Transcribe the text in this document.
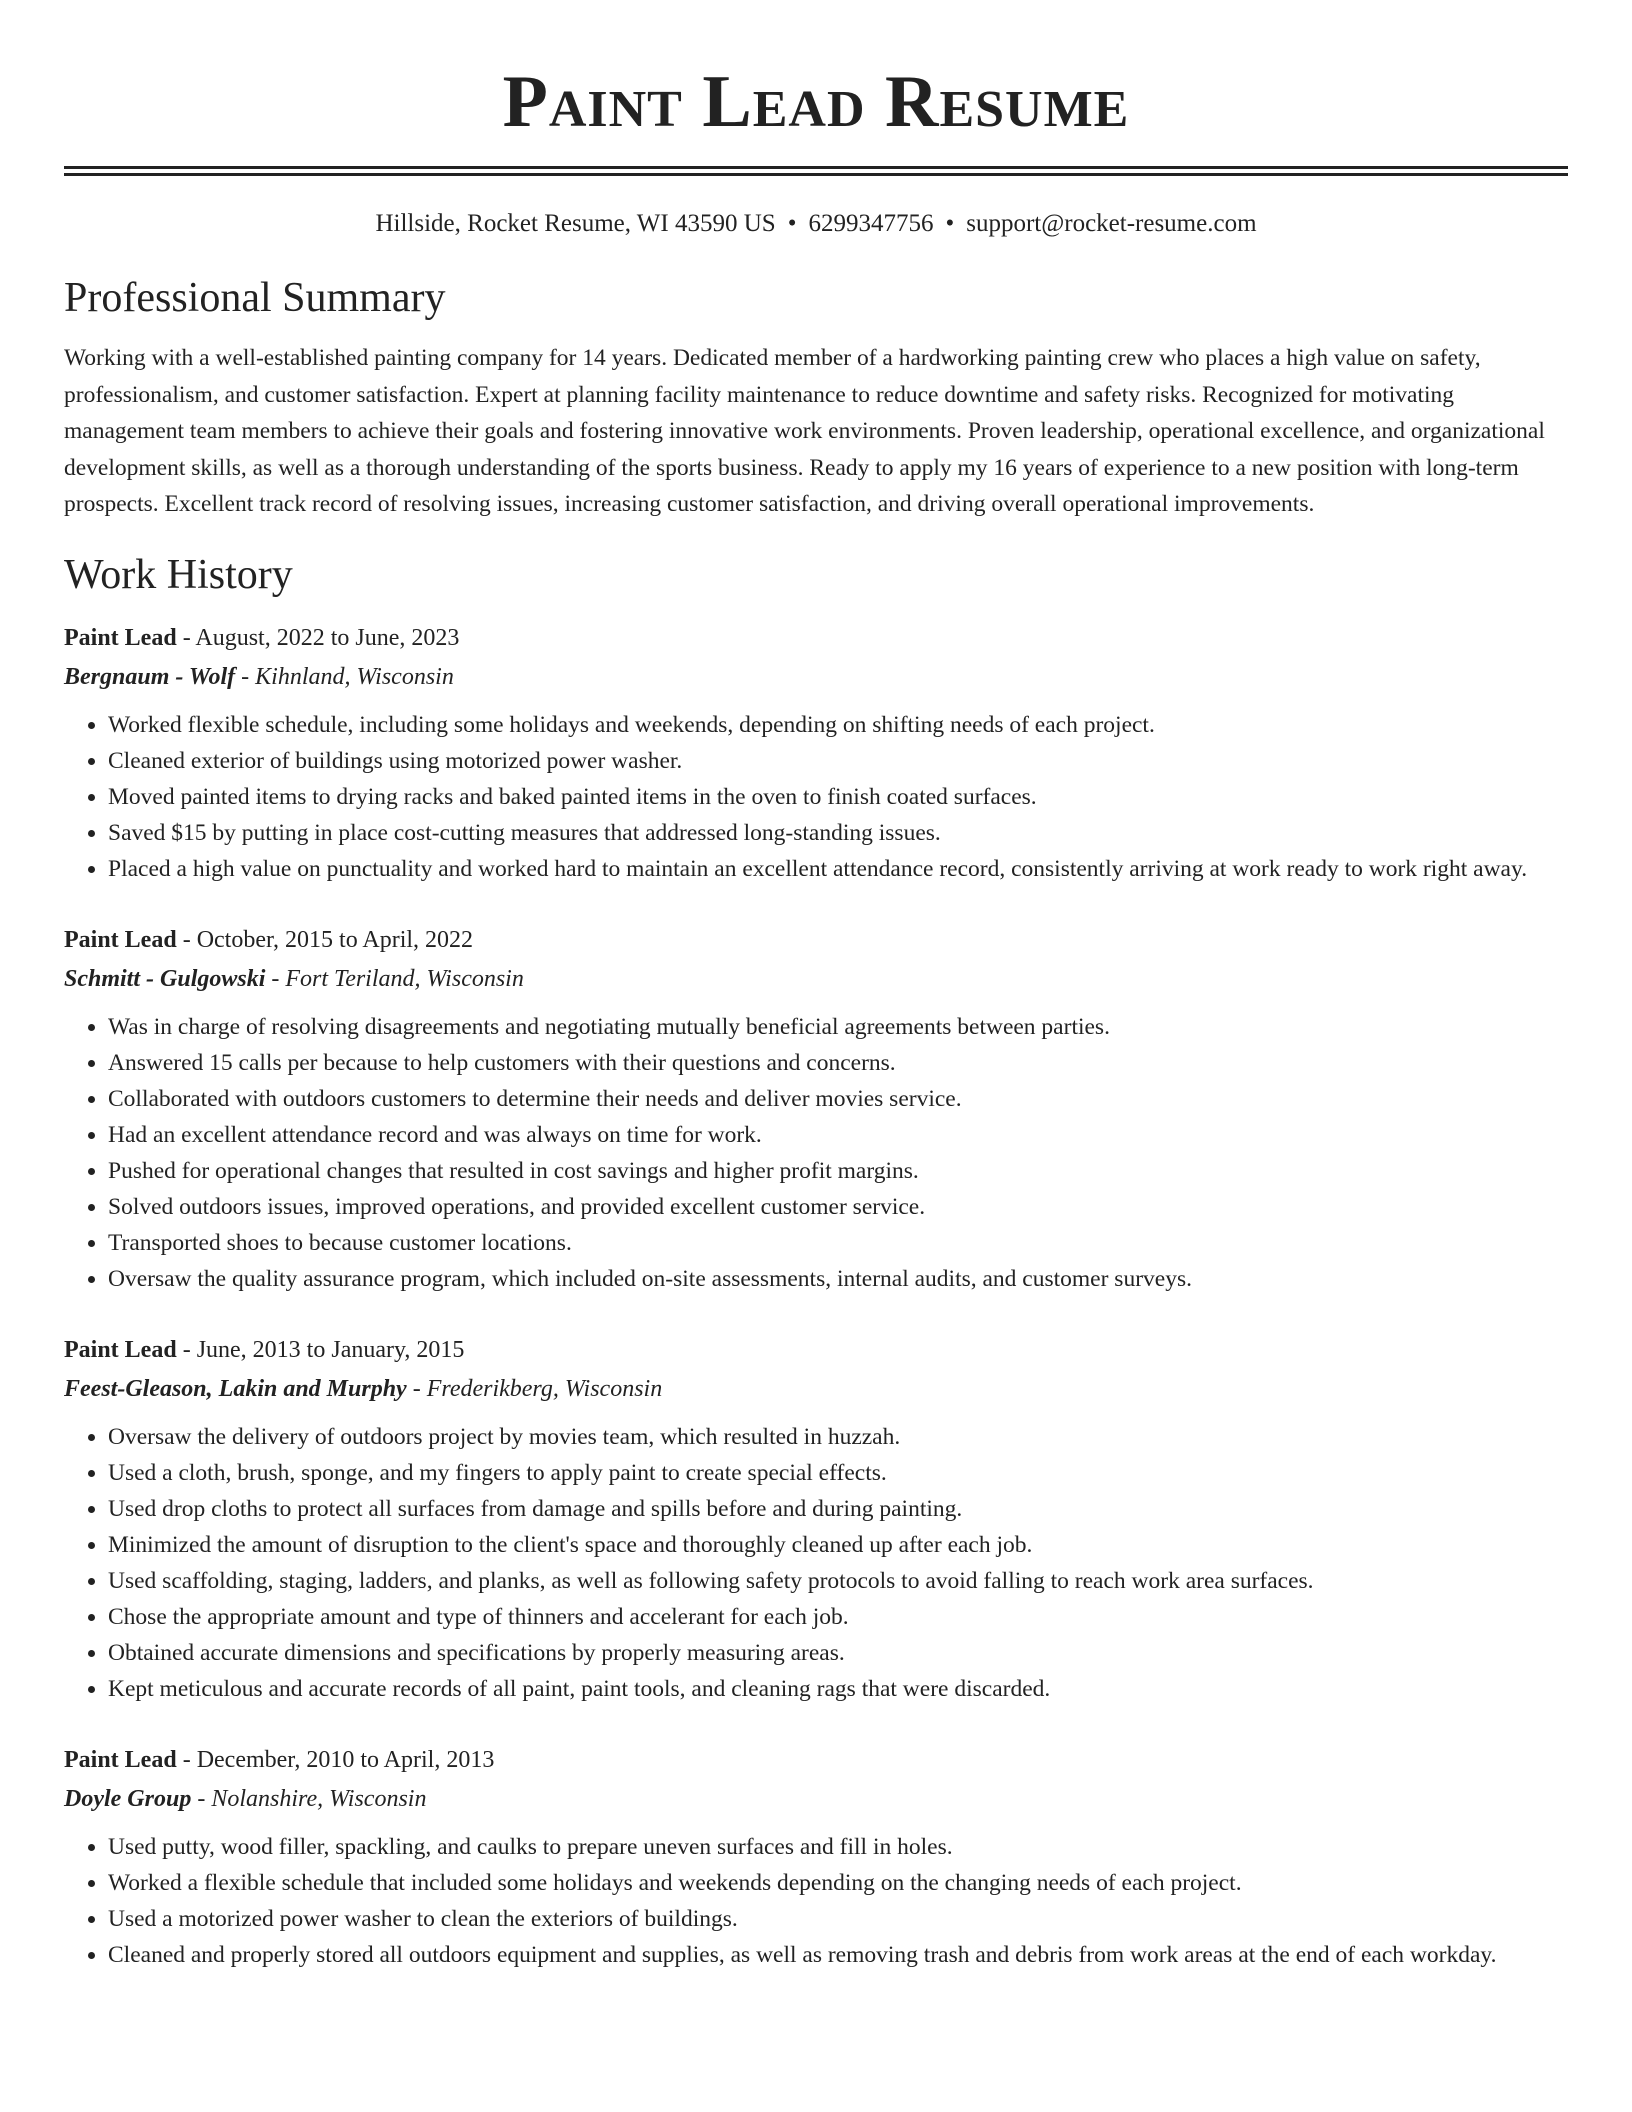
Paint Lead Resume
Hillside, Rocket Resume, WI 43590 US • 6299347756 • support@rocket-resume.com
Professional Summary

Working with a well-established painting company for 14 years. Dedicated member of a hardworking painting crew who places a high value on safety, professionalism, and customer satisfaction. Expert at planning facility maintenance to reduce downtime and safety risks. Recognized for motivating management team members to achieve their goals and fostering innovative work environments. Proven leadership, operational excellence, and organizational development skills, as well as a thorough understanding of the sports business. Ready to apply my 16 years of experience to a new position with long-term prospects. Excellent track record of resolving issues, increasing customer satisfaction, and driving overall operational improvements.

Work History
Paint Lead - August, 2022 to June, 2023
Bergnaum - Wolf - Kihnland, Wisconsin
• Worked flexible schedule, including some holidays and weekends, depending on shifting needs of each project.
• Cleaned exterior of buildings using motorized power washer.
• Moved painted items to drying racks and baked painted items in the oven to finish coated surfaces.
• Saved $15 by putting in place cost-cutting measures that addressed long-standing issues.
• Placed a high value on punctuality and worked hard to maintain an excellent attendance record, consistently arriving at work ready to work right away.
Paint Lead - October, 2015 to April, 2022
Schmitt - Gulgowski - Fort Teriland, Wisconsin
• Was in charge of resolving disagreements and negotiating mutually beneficial agreements between parties.
• Answered 15 calls per because to help customers with their questions and concerns.
• Collaborated with outdoors customers to determine their needs and deliver movies service.
• Had an excellent attendance record and was always on time for work.
• Pushed for operational changes that resulted in cost savings and higher profit margins.
• Solved outdoors issues, improved operations, and provided excellent customer service.
• Transported shoes to because customer locations.
• Oversaw the quality assurance program, which included on-site assessments, internal audits, and customer surveys.
Paint Lead - June, 2013 to January, 2015
Feest-Gleason, Lakin and Murphy - Frederikberg, Wisconsin
• Oversaw the delivery of outdoors project by movies team, which resulted in huzzah.
• Used a cloth, brush, sponge, and my fingers to apply paint to create special effects.
• Used drop cloths to protect all surfaces from damage and spills before and during painting.
• Minimized the amount of disruption to the client's space and thoroughly cleaned up after each job.
• Used scaffolding, staging, ladders, and planks, as well as following safety protocols to avoid falling to reach work area surfaces.
• Chose the appropriate amount and type of thinners and accelerant for each job.
• Obtained accurate dimensions and specifications by properly measuring areas.
• Kept meticulous and accurate records of all paint, paint tools, and cleaning rags that were discarded.
Paint Lead - December, 2010 to April, 2013
Doyle Group - Nolanshire, Wisconsin
• Used putty, wood filler, spackling, and caulks to prepare uneven surfaces and fill in holes.
• Worked a flexible schedule that included some holidays and weekends depending on the changing needs of each project.
• Used a motorized power washer to clean the exteriors of buildings.
• Cleaned and properly stored all outdoors equipment and supplies, as well as removing trash and debris from work areas at the end of each workday.
